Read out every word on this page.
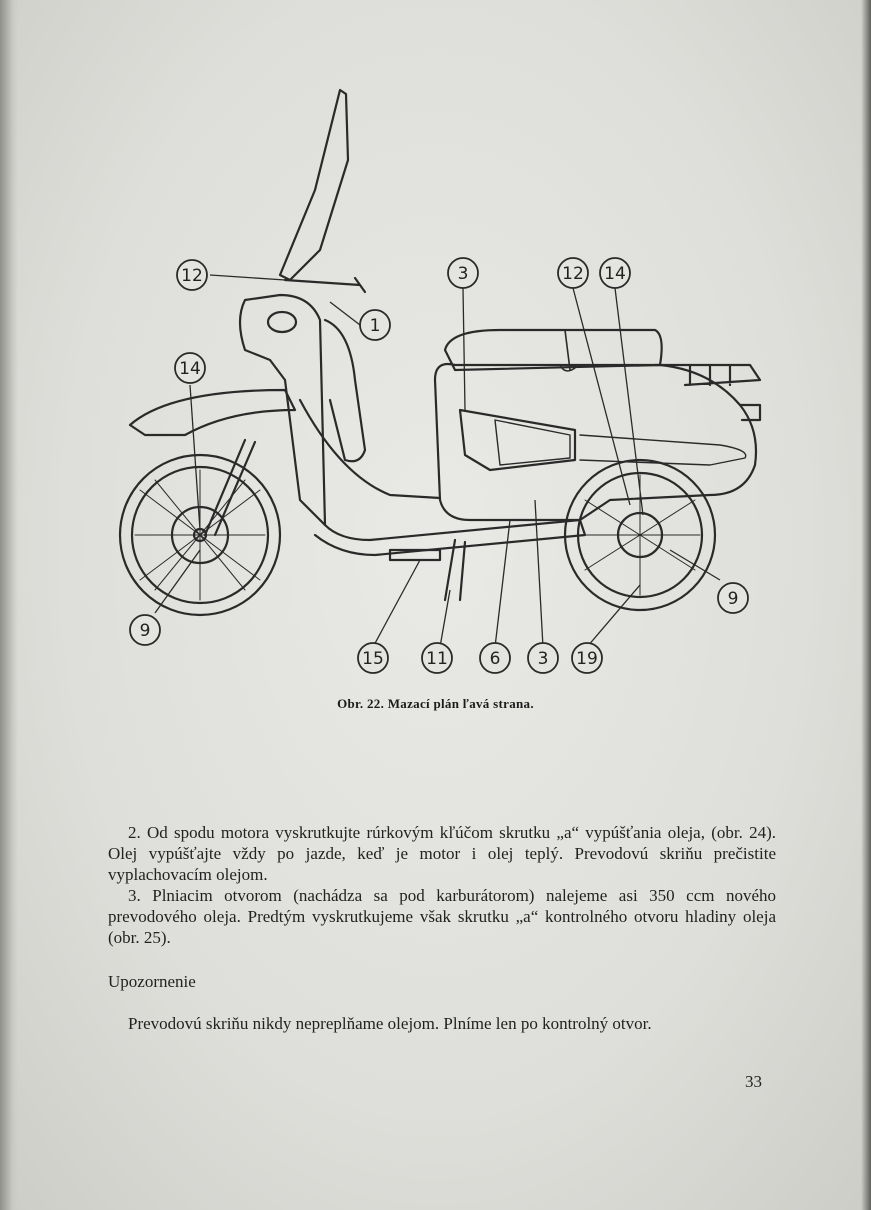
12
1
14
9
3	12 14
9
15 11 6 3 19
Obr. 22. Mazací plán ľavá strana.

2. Od spodu motora vyskrutkujte rúrkovým kľúčom skrutku „a“ vypúšťania oleja, (obr. 24). Olej vypúšťajte vždy po jazde, keď je motor i olej teplý. Prevodovú skriňu prečistite vyplachovacím olejom.

3. Plniacim otvorom (nachádza sa pod karburátorom) nalejeme asi 350 ccm nového prevodového oleja. Predtým vyskrutkujeme však skrutku „a“ kontrolného otvoru hladiny oleja (obr. 25).

Upozornenie

Prevodovú skriňu nikdy nepreplňame olejom. Plníme len po kontrolný otvor.

33
